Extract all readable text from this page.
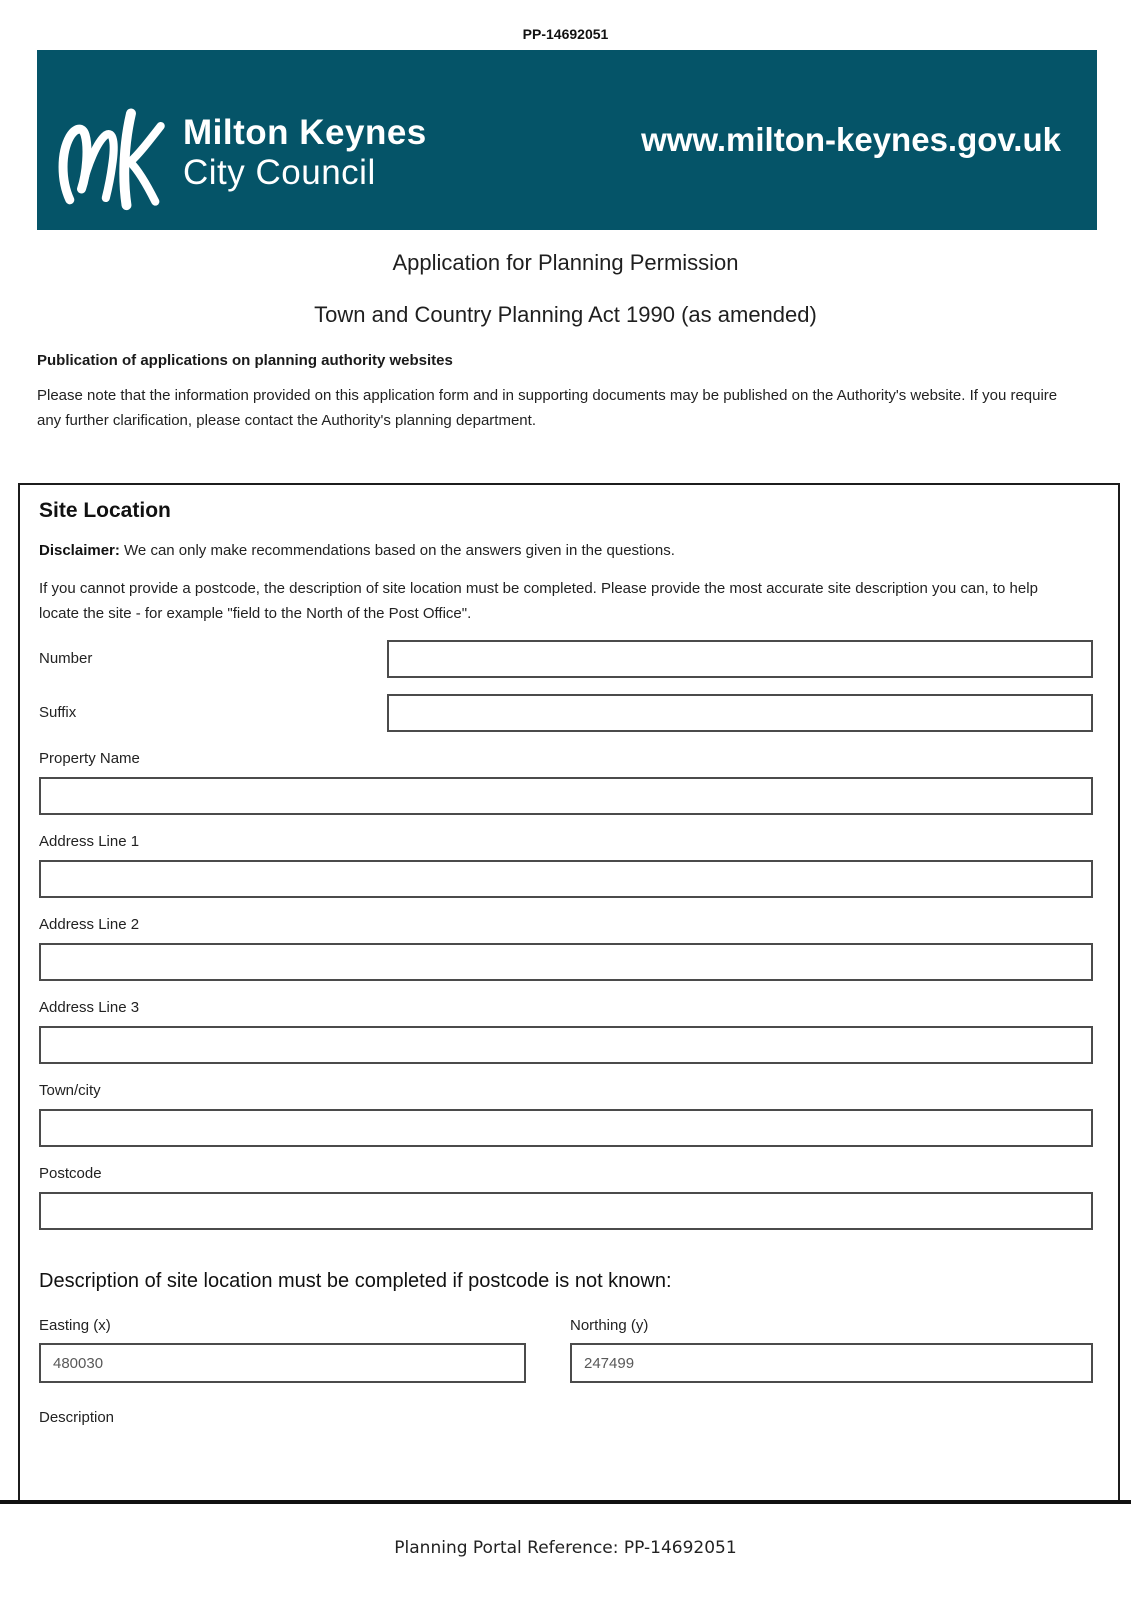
PP-14692051
Milton Keynes
City Council
www.milton-keynes.gov.uk
Application for Planning Permission
Town and Country Planning Act 1990 (as amended)
Publication of applications on planning authority websites

Please note that the information provided on this application form and in supporting documents may be published on the Authority's website. If you require any further clarification, please contact the Authority's planning department.

Site Location

Disclaimer: We can only make recommendations based on the answers given in the questions.

If you cannot provide a postcode, the description of site location must be completed. Please provide the most accurate site description you can, to help locate the site - for example "field to the North of the Post Office".

Number
Suffix
Property Name
Address Line 1
Address Line 2
Address Line 3
Town/city
Postcode
Description of site location must be completed if postcode is not known:
Easting (x)
480030	Northing (y)
247499
Description
Planning Portal Reference: PP-14692051
